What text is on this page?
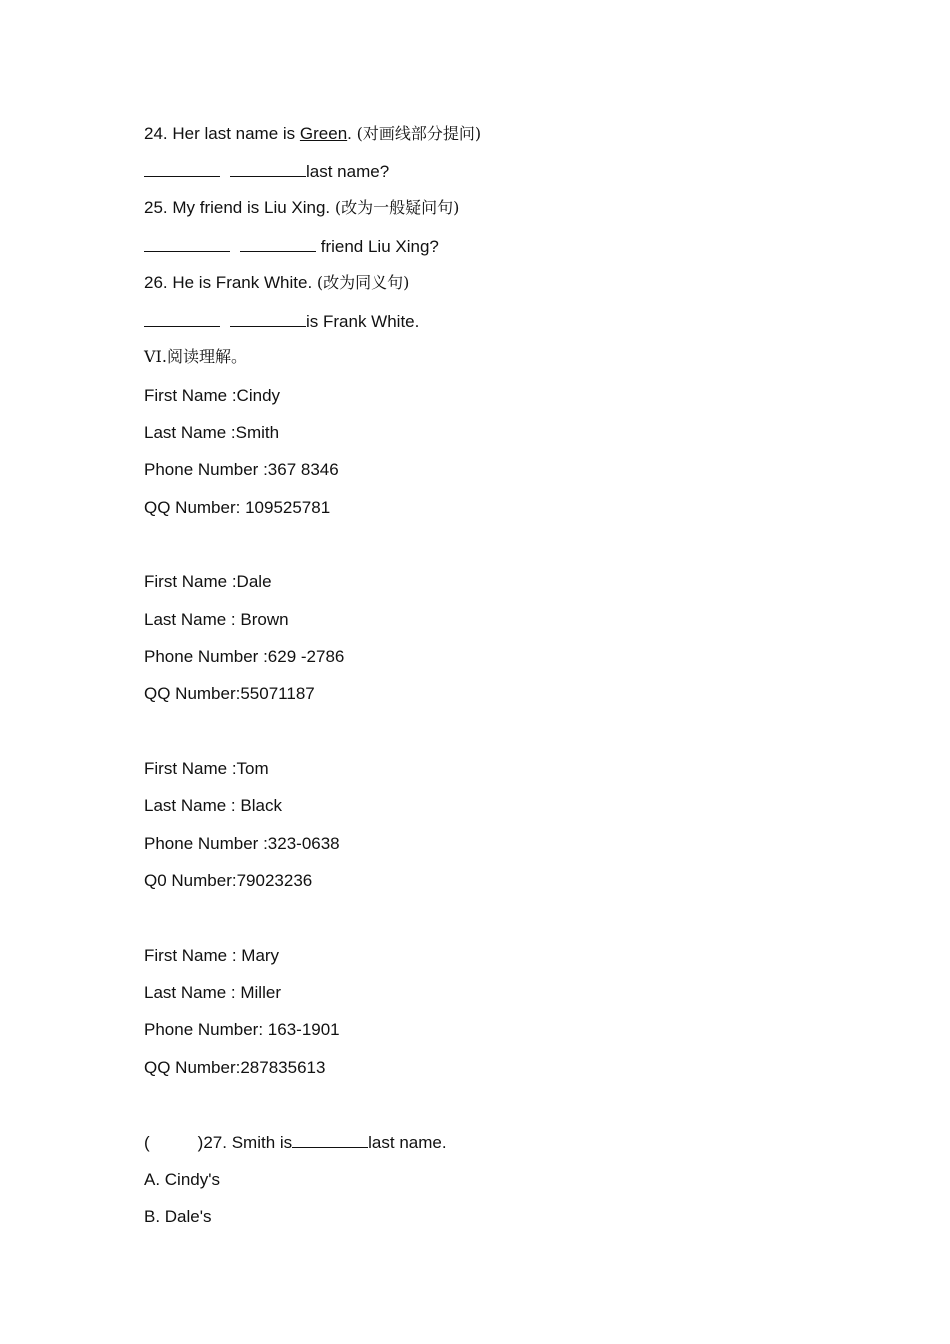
24. Her last name is Green. (对画线部分提问)
last name?
25. My friend is Liu Xing. (改为一般疑问句)
friend Liu Xing?
26. He is Frank White. (改为同义句)
is Frank White.
VI.阅读理解。
First Name :Cindy
Last Name :Smith
Phone Number :367 8346
QQ Number: 109525781
First Name :Dale
Last Name : Brown
Phone Number :629 -2786
QQ Number:55071187
First Name :Tom
Last Name : Black
Phone Number :323-0638
Q0 Number:79023236
First Name : Mary
Last Name : Miller
Phone Number: 163-1901
QQ Number:287835613
(	)27. Smith is	last name.
A. Cindy's
B. Dale's
